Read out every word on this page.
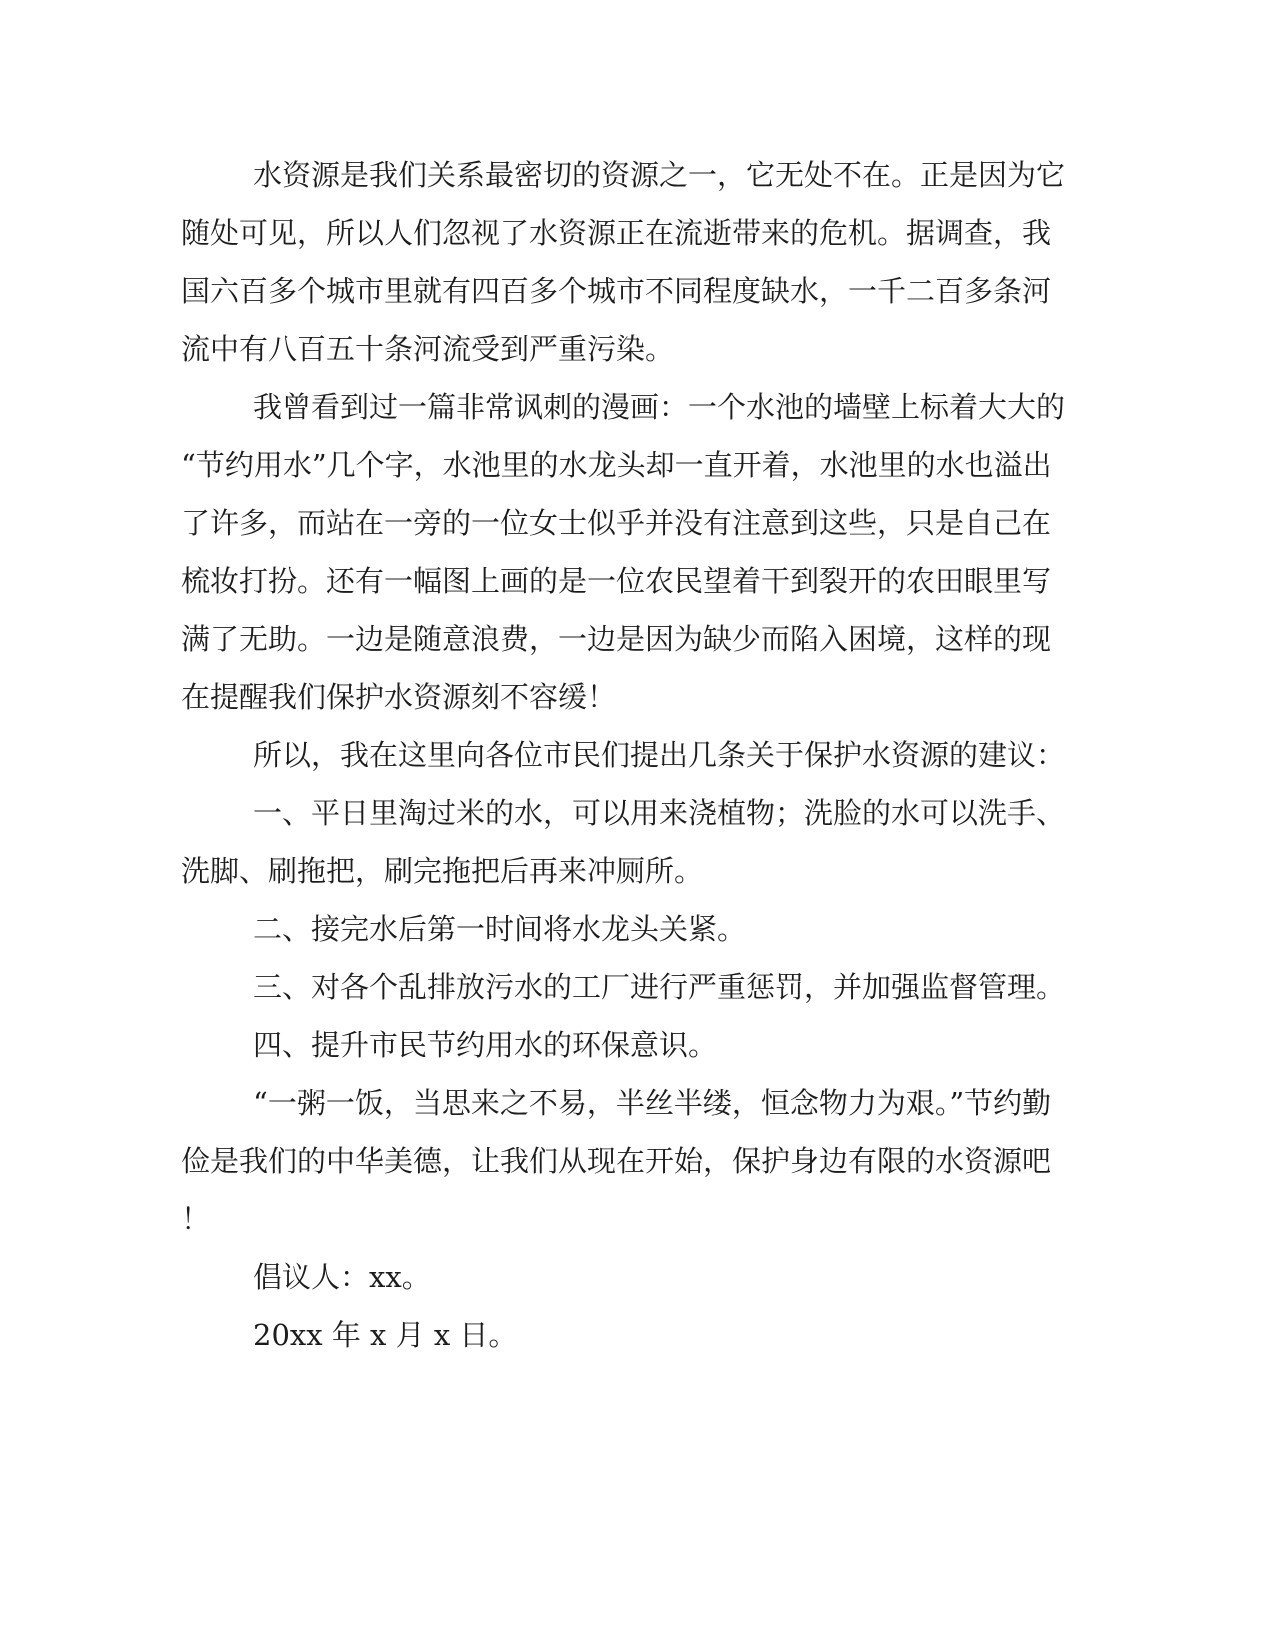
水资源是我们关系最密切的资源之一，它无处不在。正是因为它
随处可见，所以人们忽视了水资源正在流逝带来的危机。据调查，我
国六百多个城市里就有四百多个城市不同程度缺水，一千二百多条河
流中有八百五十条河流受到严重污染。
我曾看到过一篇非常讽刺的漫画：一个水池的墙壁上标着大大的
“节约用水”几个字，水池里的水龙头却一直开着，水池里的水也溢出
了许多，而站在一旁的一位女士似乎并没有注意到这些，只是自己在
梳妆打扮。还有一幅图上画的是一位农民望着干到裂开的农田眼里写
满了无助。一边是随意浪费，一边是因为缺少而陷入困境，这样的现
在提醒我们保护水资源刻不容缓！
所以，我在这里向各位市民们提出几条关于保护水资源的建议：
一、平日里淘过米的水，可以用来浇植物；洗脸的水可以洗手、
洗脚、刷拖把，刷完拖把后再来冲厕所。
二、接完水后第一时间将水龙头关紧。
三、对各个乱排放污水的工厂进行严重惩罚，并加强监督管理。
四、提升市民节约用水的环保意识。
“一粥一饭，当思来之不易，半丝半缕，恒念物力为艰。”节约勤
俭是我们的中华美德，让我们从现在开始，保护身边有限的水资源吧
！
倡议人：xx。
20xx 年 x 月 x 日。
